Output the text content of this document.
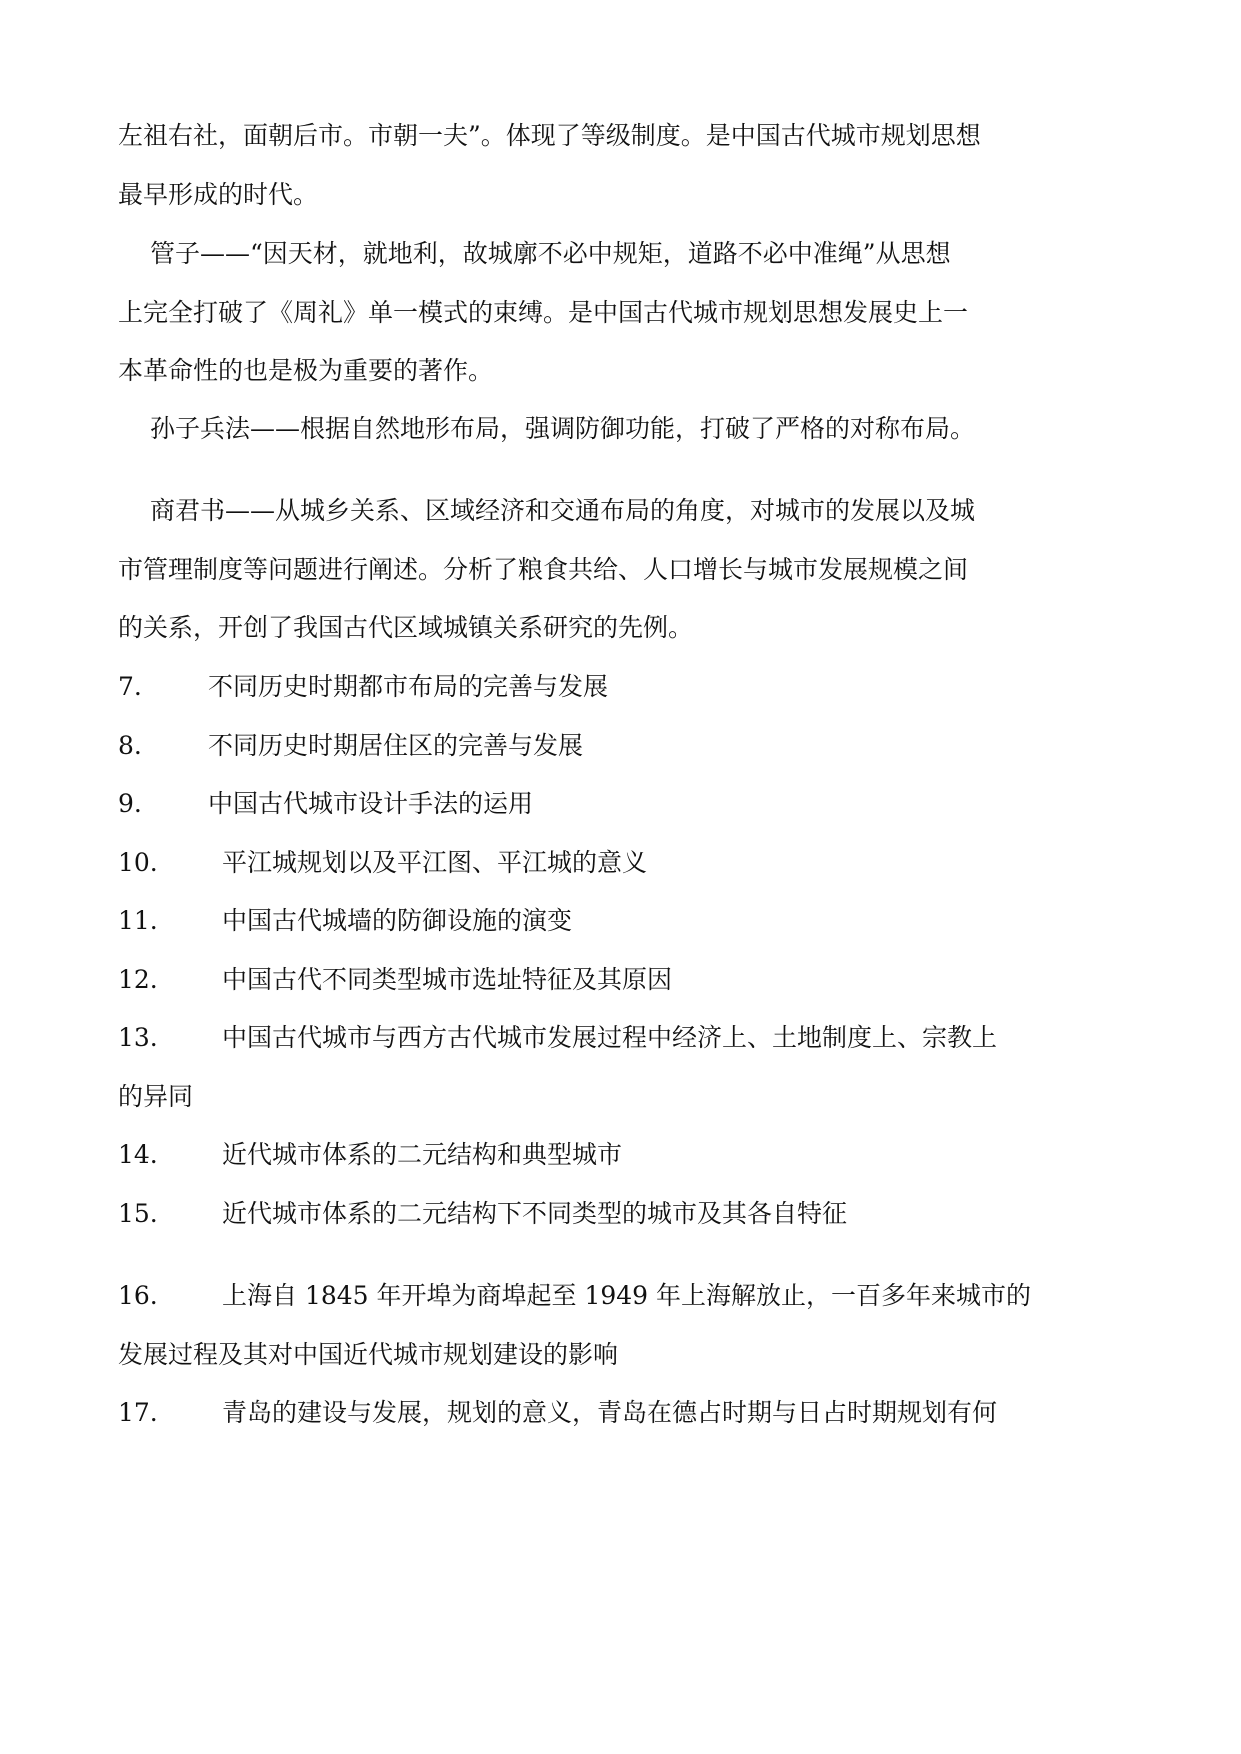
左祖右社，面朝后市。市朝一夫”。体现了等级制度。是中国古代城市规划思想
最早形成的时代。
管子——“因天材，就地利，故城廓不必中规矩，道路不必中准绳”从思想
上完全打破了《周礼》单一模式的束缚。是中国古代城市规划思想发展史上一
本革命性的也是极为重要的著作。
孙子兵法——根据自然地形布局，强调防御功能，打破了严格的对称布局。
商君书——从城乡关系、区域经济和交通布局的角度，对城市的发展以及城
市管理制度等问题进行阐述。分析了粮食共给、人口增长与城市发展规模之间
的关系，开创了我国古代区域城镇关系研究的先例。
7.	不同历史时期都市布局的完善与发展
8.	不同历史时期居住区的完善与发展
9.	中国古代城市设计手法的运用
10.	平江城规划以及平江图、平江城的意义
11.	中国古代城墙的防御设施的演变
12.	中国古代不同类型城市选址特征及其原因
13.	中国古代城市与西方古代城市发展过程中经济上、土地制度上、宗教上
的异同
14.	近代城市体系的二元结构和典型城市
15.	近代城市体系的二元结构下不同类型的城市及其各自特征
16.	上海自 1845 年开埠为商埠起至 1949 年上海解放止，一百多年来城市的
发展过程及其对中国近代城市规划建设的影响
17.	青岛的建设与发展，规划的意义，青岛在德占时期与日占时期规划有何
